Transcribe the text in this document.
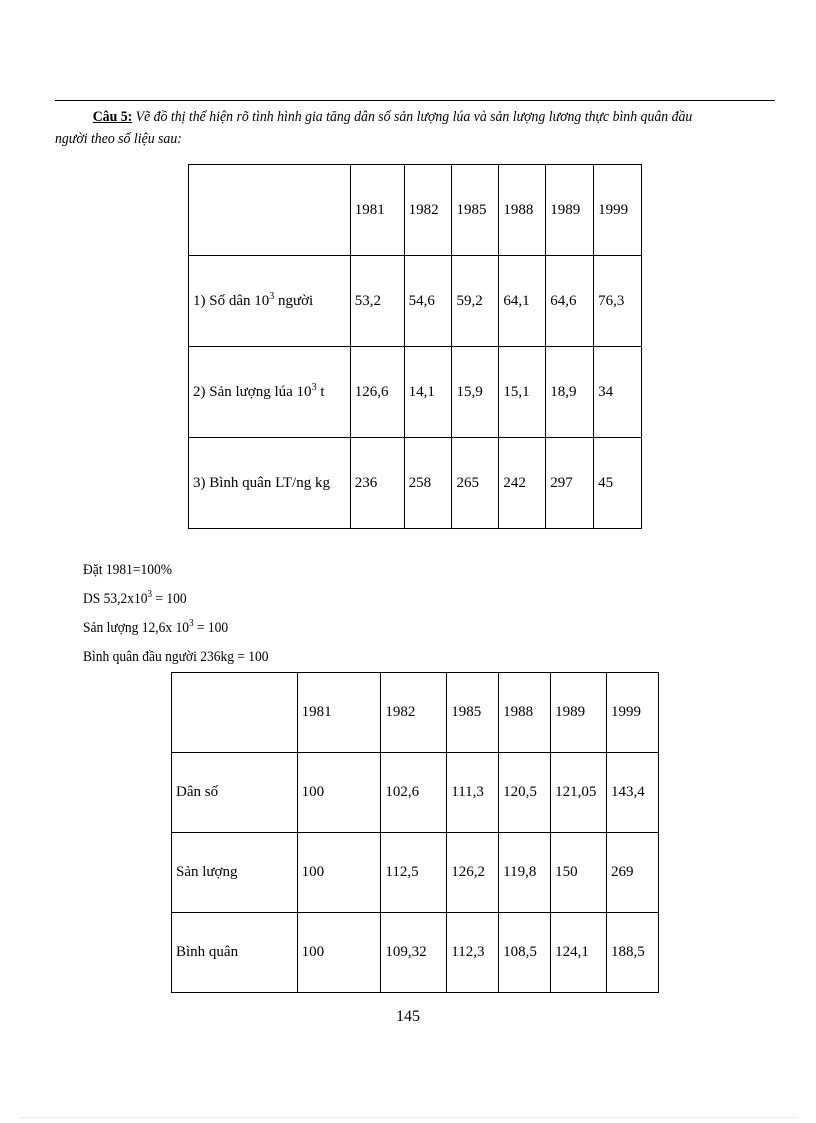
Câu 5: Vẽ đồ thị thể hiện rõ tình hình gia tăng dân số sản lượng lúa và sản lượng lương thực bình quân đầu người theo số liệu sau:
	1981	1982	1985	1988	1989	1999
1) Số dân $10^3$ người	53,2	54,6	59,2	64,1	64,6	76,3
2) Sản lượng lúa $10^3$ t	126,6	14,1	15,9	15,1	18,9	34
3) Bình quân LT/ng kg	236	258	265	242	297	45
Đặt 1981=100%
DS $53,2x10^3 = 100$
Sản lượng 12,6x $10^3 = 100$
Bình quân đầu người 236kg = 100
	1981	1982	1985	1988	1989	1999
Dân số	100	102,6	111,3	120,5	121,05	143,4
Sản lượng	100	112,5	126,2	119,8	150	269
Bình quân	100	109,32	112,3	108,5	124,1	188,5
145
